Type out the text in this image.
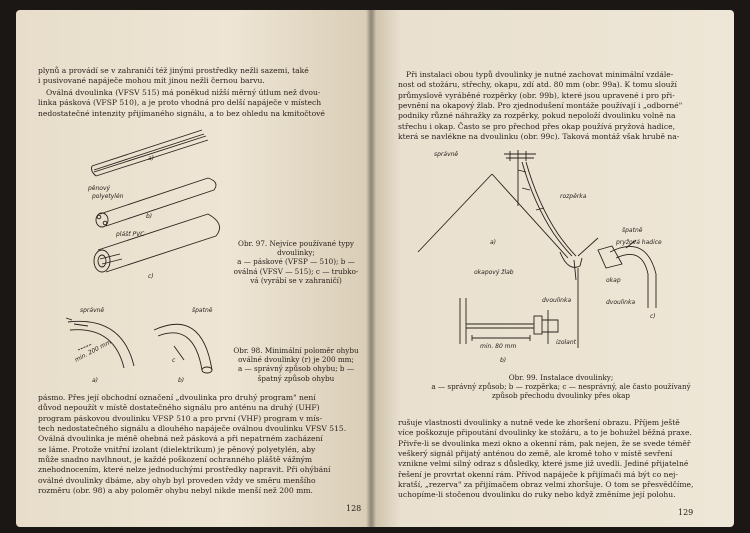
plynů a provádí se v zahraničí též jinými prostředky nežli sazemi, také
i pusivované napáječe mohou mít jinou nežli černou barvu.
Oválná dvoulinka (VFSV 515) má poněkud nižší měrný útlum než dvou-
linka pásková (VFSP 510), a je proto vhodná pro delší napáječe v místech
nedostatečné intenzity přijímaného signálu, a to bez ohledu na kmitočtové
a)
pěnový
polyetylén
b)
plášť PVC
c)
Obr. 97. Nejvíce používané typy
dvoulinky;
a — páskové (VFSP — 510); b —
oválná (VFSV — 515); c — trubko-
vá (vyrábí se v zahraničí)
správně	špatně
min. 200 mm	c
a)	b)
Obr. 98. Minimální poloměr ohybu
oválné dvoulinky (r) je 200 mm;
a — správný způsob ohybu; b —
špatný způsob ohybu
pásmo. Přes její obchodní označení „dvoulinka pro druhý program" není
důvod nepoužít v místě dostatečného signálu pro anténu na druhý (UHF)
program páskovou dvoulinku VFSP 510 a pro první (VHF) program v mís-
tech nedostatečného signálu a dlouhého napáječe oválnou dvoulinku VFSV 515.
Oválná dvoulinka je méně ohebná než pásková a při nepatrném zacházení
se láme. Protože vnitřní izolant (dielektrikum) je pěnový polyetylén, aby
může snadno navlhnout, je každé poškození ochranného pláště vážným
znehodnocením, které nelze jednoduchými prostředky napravit. Při ohýbání
oválné dvoulinky dbáme, aby ohyb byl proveden vždy ve směru menšího
rozměru (obr. 98) a aby poloměr ohybu nebyl nikde menší než 200 mm.
128
Při instalaci obou typů dvoulinky je nutné zachovat minimální vzdále-
nost od stožáru, střechy, okapu, zdí atd. 80 mm (obr. 99a). K tomu slouží
průmyslově vyráběné rozpěrky (obr. 99b), které jsou upravené i pro při-
pevnění na okapový žlab. Pro zjednodušení montáže používají i „odborné"
podniky různé náhražky za rozpěrky, pokud nepoloží dvoulinku volně na
střechu i okap. Často se pro přechod přes okap používá pryžová hadice,
která se navlékne na dvoulinku (obr. 99c). Taková montáž však hrubě na-
správně
rozpěrka
a)
okapový žlab
špatně
pryžová hadice
okap
dvoulinka
c)
dvoulinka
izolant
min. 80 mm
b)
Obr. 99. Instalace dvoulinky;
a — správný způsob; b — rozpěrka; c — nesprávný, ale často používaný
způsob přechodu dvoulinky přes okap
rušuje vlastnosti dvoulinky a nutně vede ke zhoršení obrazu. Příjem ještě
více poškozuje připoutání dvoulinky ke stožáru, a to je bohužel běžná praxe.
Přivře-li se dvoulinka mezi okno a okenní rám, pak nejen, že se svede téměř
veškerý signál přijatý anténou do země, ale kromě toho v místě sevření
vznikne velmi silný odraz s důsledky, které jsme již uvedli. Jediné přijatelné
řešení je provrtat okenní rám. Přívod napáječe k přijímači má být co nej-
kratší, „rezerva" za přijímačem obraz velmi zhoršuje. O tom se přesvědčíme,
uchopíme-li stočenou dvoulinku do ruky nebo když změníme její polohu.
129
